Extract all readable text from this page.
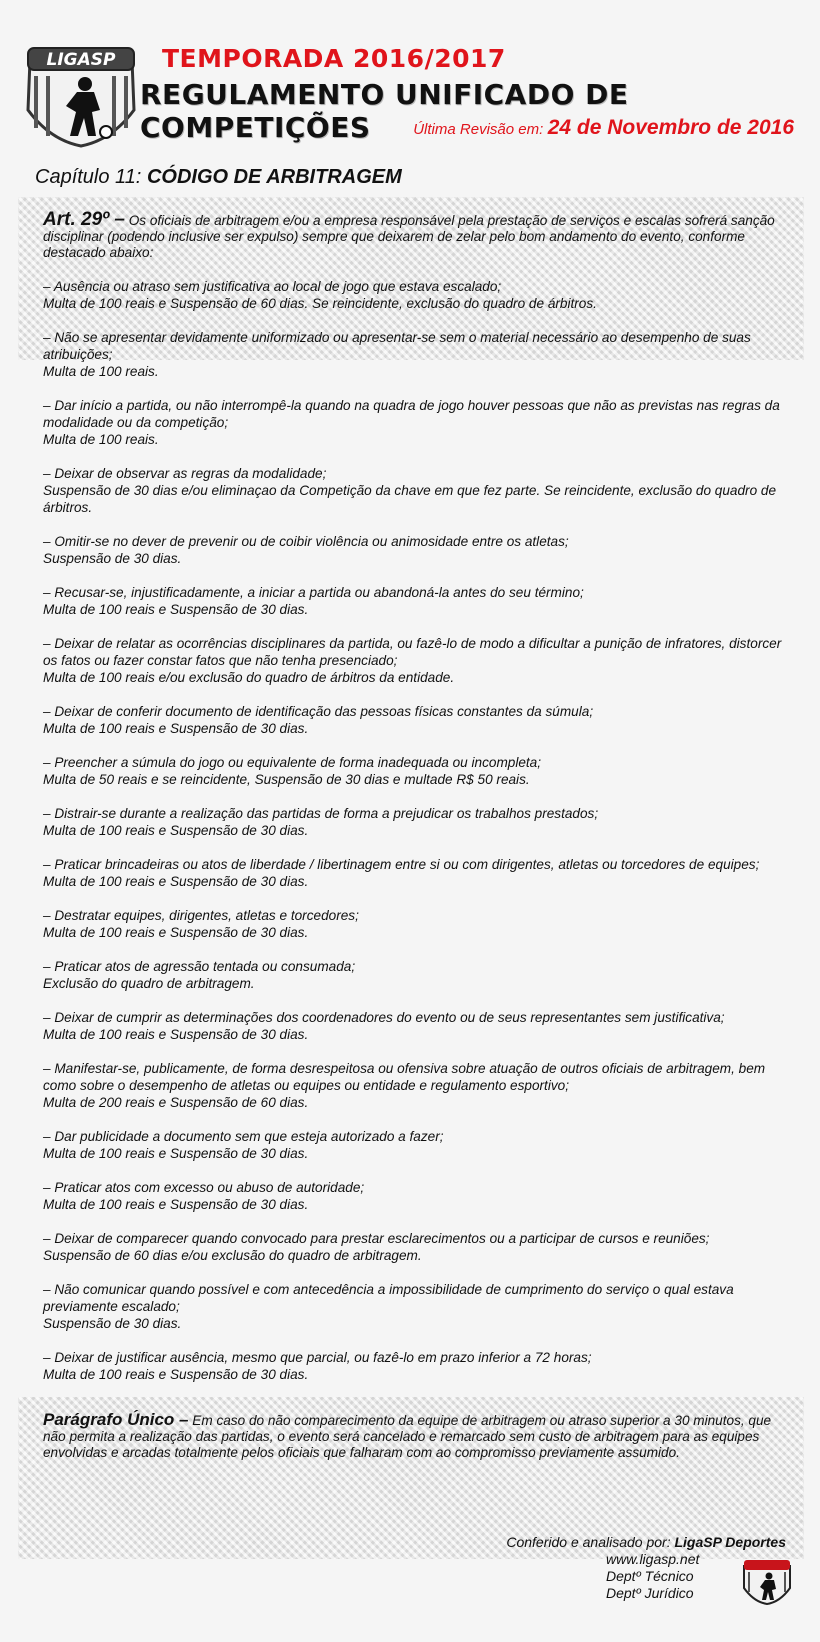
LIGASP TEMPORADA 2016/2017
REGULAMENTO UNIFICADO DE COMPETIÇÕES	Última Revisão em: 24 de Novembro de 2016
Capítulo 11: CÓDIGO DE ARBITRAGEM

Art. 29º – Os oficiais de arbitragem e/ou a empresa responsável pela prestação de serviços e escalas sofrerá sanção disciplinar (podendo inclusive ser expulso) sempre que deixarem de zelar pelo bom andamento do evento, conforme destacado abaixo:

– Ausência ou atraso sem justificativa ao local de jogo que estava escalado;
Multa de 100 reais e Suspensão de 60 dias. Se reincidente, exclusão do quadro de árbitros.

– Não se apresentar devidamente uniformizado ou apresentar-se sem o material necessário ao desempenho de suas atribuições;
Multa de 100 reais.

– Dar início a partida, ou não interrompê-la quando na quadra de jogo houver pessoas que não as previstas nas regras da modalidade ou da competição;
Multa de 100 reais.

– Deixar de observar as regras da modalidade;
Suspensão de 30 dias e/ou eliminaçao da Competição da chave em que fez parte. Se reincidente, exclusão do quadro de árbitros.

– Omitir-se no dever de prevenir ou de coibir violência ou animosidade entre os atletas;
Suspensão de 30 dias.

– Recusar-se, injustificadamente, a iniciar a partida ou abandoná-la antes do seu término;
Multa de 100 reais e Suspensão de 30 dias.

– Deixar de relatar as ocorrências disciplinares da partida, ou fazê-lo de modo a dificultar a punição de infratores, distorcer os fatos ou fazer constar fatos que não tenha presenciado;
Multa de 100 reais e/ou exclusão do quadro de árbitros da entidade.

– Deixar de conferir documento de identificação das pessoas físicas constantes da súmula;
Multa de 100 reais e Suspensão de 30 dias.

– Preencher a súmula do jogo ou equivalente de forma inadequada ou incompleta;
Multa de 50 reais e se reincidente, Suspensão de 30 dias e multade R$ 50 reais.

– Distrair-se durante a realização das partidas de forma a prejudicar os trabalhos prestados;
Multa de 100 reais e Suspensão de 30 dias.

– Praticar brincadeiras ou atos de liberdade / libertinagem entre si ou com dirigentes, atletas ou torcedores de equipes;
Multa de 100 reais e Suspensão de 30 dias.

– Destratar equipes, dirigentes, atletas e torcedores;
Multa de 100 reais e Suspensão de 30 dias.

– Praticar atos de agressão tentada ou consumada;
Exclusão do quadro de arbitragem.

– Deixar de cumprir as determinações dos coordenadores do evento ou de seus representantes sem justificativa;
Multa de 100 reais e Suspensão de 30 dias.

– Manifestar-se, publicamente, de forma desrespeitosa ou ofensiva sobre atuação de outros oficiais de arbitragem, bem como sobre o desempenho de atletas ou equipes ou entidade e regulamento esportivo;
Multa de 200 reais e Suspensão de 60 dias.

– Dar publicidade a documento sem que esteja autorizado a fazer;
Multa de 100 reais e Suspensão de 30 dias.

– Praticar atos com excesso ou abuso de autoridade;
Multa de 100 reais e Suspensão de 30 dias.

– Deixar de comparecer quando convocado para prestar esclarecimentos ou a participar de cursos e reuniões;
Suspensão de 60 dias e/ou exclusão do quadro de arbitragem.

– Não comunicar quando possível e com antecedência a impossibilidade de cumprimento do serviço o qual estava previamente escalado;
Suspensão de 30 dias.

– Deixar de justificar ausência, mesmo que parcial, ou fazê-lo em prazo inferior a 72 horas;
Multa de 100 reais e Suspensão de 30 dias.

Parágrafo Único – Em caso do não comparecimento da equipe de arbitragem ou atraso superior a 30 minutos, que não permita a realização das partidas, o evento será cancelado e remarcado sem custo de arbitragem para as equipes envolvidas e arcadas totalmente pelos oficiais que falharam com ao compromisso previamente assumido.

Conferido e analisado por: LigaSP Deportes
www.ligasp.net
Deptº Técnico
Deptº Jurídico
